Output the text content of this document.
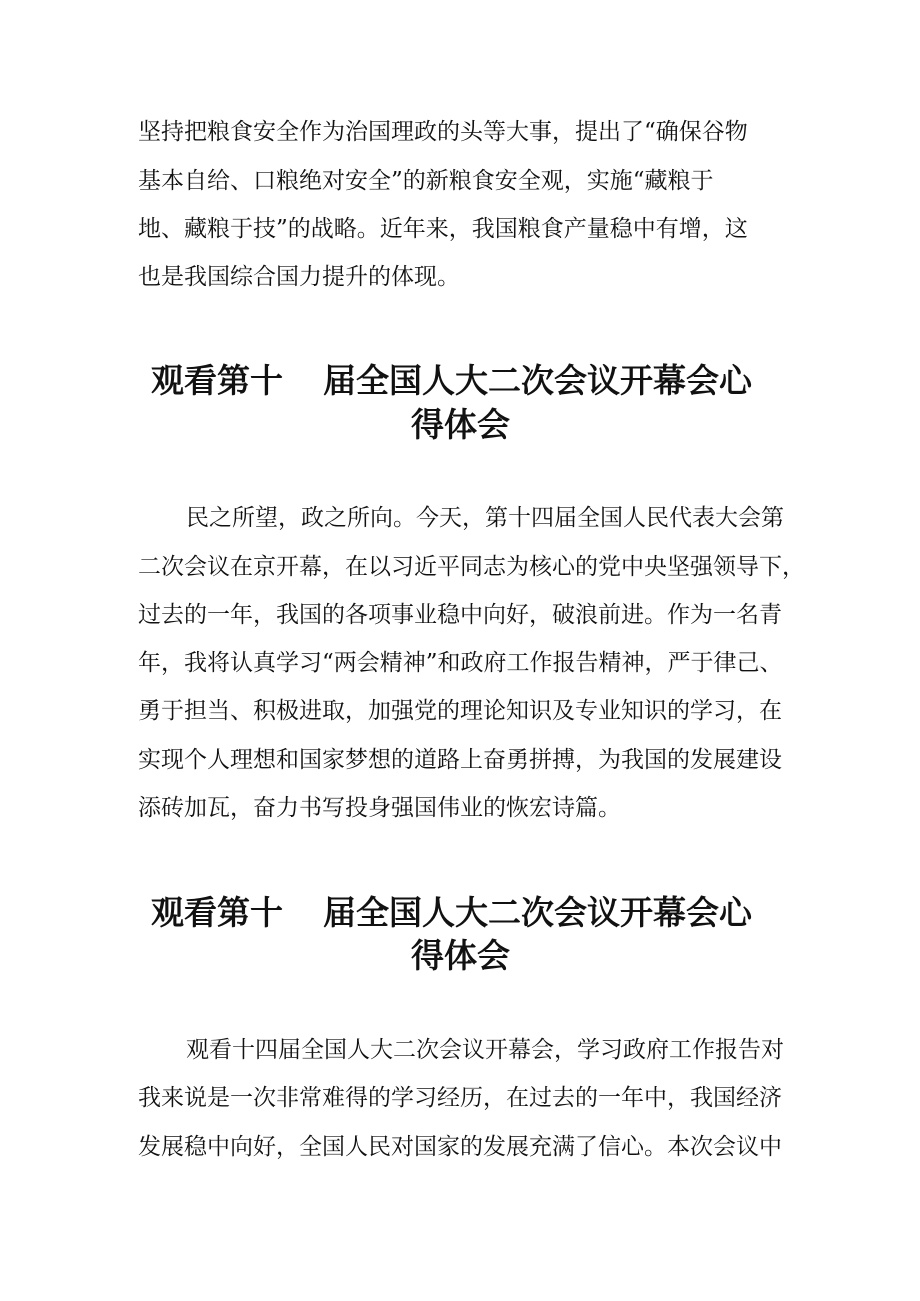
坚持把粮食安全作为治国理政的头等大事，提出了“确保谷物
基本自给、口粮绝对安全”的新粮食安全观，实施“藏粮于
地、藏粮于技”的战略。近年来，我国粮食产量稳中有增，这
也是我国综合国力提升的体现。
观看第十 届全国人大二次会议开幕会心
得体会
民之所望，政之所向。今天，第十四届全国人民代表大会第
二次会议在京开幕，在以习近平同志为核心的党中央坚强领导下，
过去的一年，我国的各项事业稳中向好，破浪前进。作为一名青
年，我将认真学习“两会精神”和政府工作报告精神，严于律己、
勇于担当、积极进取，加强党的理论知识及专业知识的学习，在
实现个人理想和国家梦想的道路上奋勇拼搏，为我国的发展建设
添砖加瓦，奋力书写投身强国伟业的恢宏诗篇。
观看第十 届全国人大二次会议开幕会心
得体会
观看十四届全国人大二次会议开幕会，学习政府工作报告对
我来说是一次非常难得的学习经历，在过去的一年中，我国经济
发展稳中向好，全国人民对国家的发展充满了信心。本次会议中
